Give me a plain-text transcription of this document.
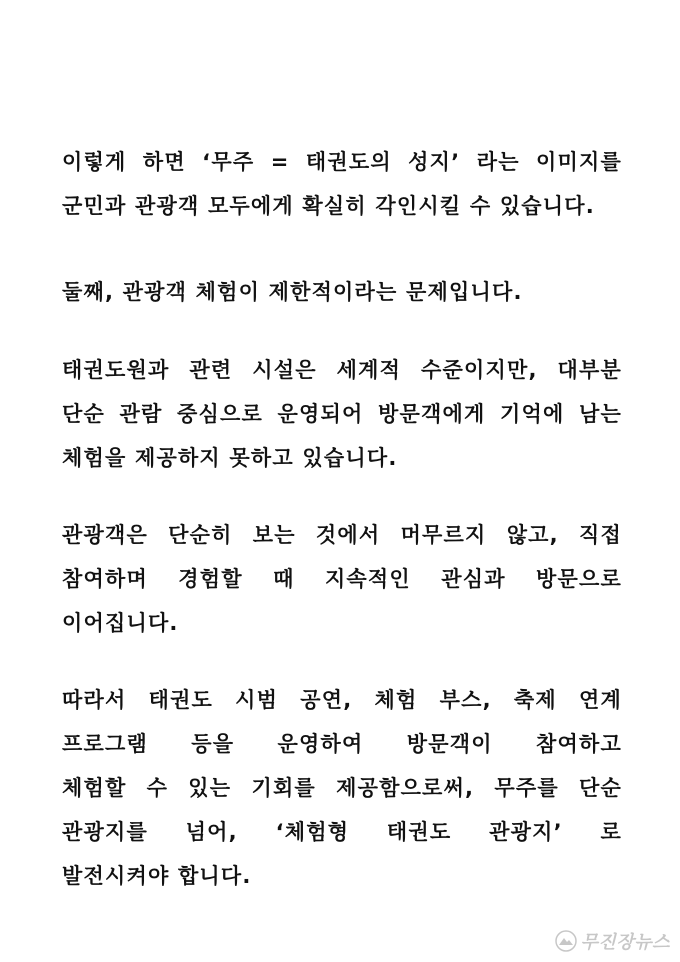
이렇게 하면 ‘무주 = 태권도의 성지’ 라는 이미지를
군민과 관광객 모두에게 확실히 각인시킬 수 있습니다.
둘째, 관광객 체험이 제한적이라는 문제입니다.
태권도원과 관련 시설은 세계적 수준이지만, 대부분
단순 관람 중심으로 운영되어 방문객에게 기억에 남는
체험을 제공하지 못하고 있습니다.
관광객은 단순히 보는 것에서 머무르지 않고, 직접
참여하며 경험할 때 지속적인 관심과 방문으로
이어집니다.
따라서 태권도 시범 공연, 체험 부스, 축제 연계
프로그램 등을 운영하여 방문객이 참여하고
체험할 수 있는 기회를 제공함으로써, 무주를 단순
관광지를 넘어, ‘체험형 태권도 관광지’ 로
발전시켜야 합니다.
무진장뉴스
